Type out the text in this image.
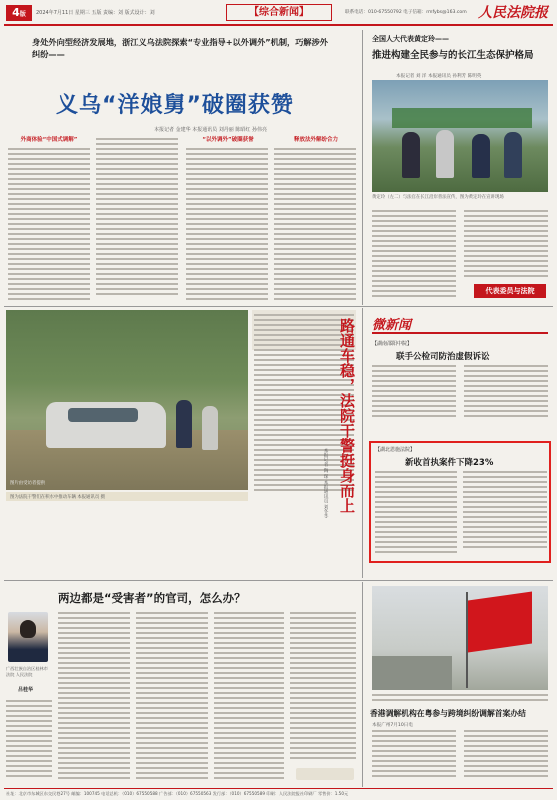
4版	2024年7月11日 星期三 五版 责编：刘 版式设计：刘	【综合新闻】	联系电话：010-67550792 电子信箱：rmfybs@163.com 人民法院报
身处外向型经济发展地，浙江义乌法院探索“专业指导+以外调外”机制，巧解涉外纠纷——
义乌“洋娘舅”破圈获赞
本报记者 金建华 本报通讯员 刘丹丽 陈昭红 孙伟亮
外商体验“中国式调解”	“以外调外”破圈获誉	释放法外解纷合力
全国人大代表黄定玲——
推进构建全民参与的长江生态保护格局
本报记者 刘 洋 本报通讯员 孙利芳 陈明英
黄定玲（左二）与法官在长江沿岸普法宣传，图为黄定玲在宣讲现场
代表委员与法院
图片由受访者提供
图为法院干警们在积水中推动车辆 本报通讯员 摄	路通车稳，法院干警挺身而上
本报记者 陶 琛 本报通讯员 刘冬冬
微新闻
【湖南邵阳中院】
联手公检司防治虚假诉讼
【湖北恩施法院】
新收首执案件下降23%
两边都是“受害者”的官司，怎么办？
广西壮族自治区桂林市法院 人民法院
吕桂华
香港调解机构在粤参与跨境纠纷调解首案办结
本报广州7月10日电
社址：北京市东城区东交民巷27号 邮编：100745 电话总机：（010）67550588 广告部：（010）67550563 发行部：（010）67550589 印刷：人民法院报社印刷厂 零售价：1.50元
